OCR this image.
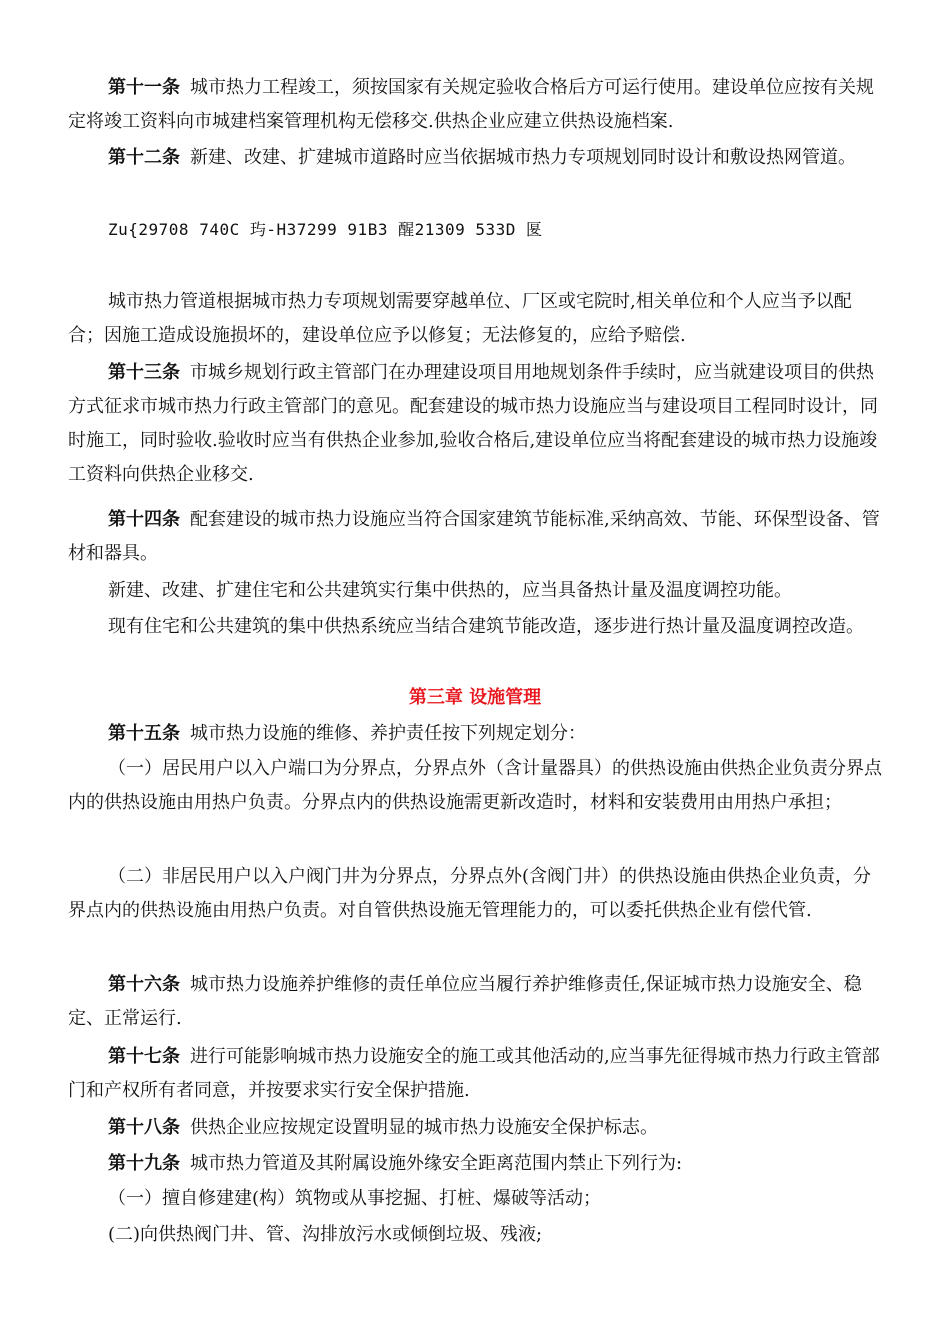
第十一条 城市热力工程竣工，须按国家有关规定验收合格后方可运行使用。建设单位应按有关规定将竣工资料向市城建档案管理机构无偿移交.供热企业应建立供热设施档案.

第十二条 新建、改建、扩建城市道路时应当依据城市热力专项规划同时设计和敷设热网管道。

Zu{29708 740C 玙-H37299 91B3 醒21309 533D 匽

城市热力管道根据城市热力专项规划需要穿越单位、厂区或宅院时,相关单位和个人应当予以配合；因施工造成设施损坏的，建设单位应予以修复；无法修复的，应给予赔偿.

第十三条 市城乡规划行政主管部门在办理建设项目用地规划条件手续时，应当就建设项目的供热方式征求市城市热力行政主管部门的意见。配套建设的城市热力设施应当与建设项目工程同时设计，同时施工，同时验收.验收时应当有供热企业参加,验收合格后,建设单位应当将配套建设的城市热力设施竣工资料向供热企业移交.

第十四条 配套建设的城市热力设施应当符合国家建筑节能标准,采纳高效、节能、环保型设备、管材和器具。

新建、改建、扩建住宅和公共建筑实行集中供热的，应当具备热计量及温度调控功能。

现有住宅和公共建筑的集中供热系统应当结合建筑节能改造，逐步进行热计量及温度调控改造。

第三章 设施管理

第十五条 城市热力设施的维修、养护责任按下列规定划分：

（一）居民用户以入户端口为分界点，分界点外（含计量器具）的供热设施由供热企业负责分界点内的供热设施由用热户负责。分界点内的供热设施需更新改造时，材料和安装费用由用热户承担；

（二）非居民用户以入户阀门井为分界点，分界点外(含阀门井）的供热设施由供热企业负责，分界点内的供热设施由用热户负责。对自管供热设施无管理能力的，可以委托供热企业有偿代管.

第十六条 城市热力设施养护维修的责任单位应当履行养护维修责任,保证城市热力设施安全、稳定、正常运行.

第十七条 进行可能影响城市热力设施安全的施工或其他活动的,应当事先征得城市热力行政主管部门和产权所有者同意，并按要求实行安全保护措施.

第十八条 供热企业应按规定设置明显的城市热力设施安全保护标志。

第十九条 城市热力管道及其附属设施外缘安全距离范围内禁止下列行为:

（一）擅自修建建(构）筑物或从事挖掘、打桩、爆破等活动；

(二)向供热阀门井、管、沟排放污水或倾倒垃圾、残液;
